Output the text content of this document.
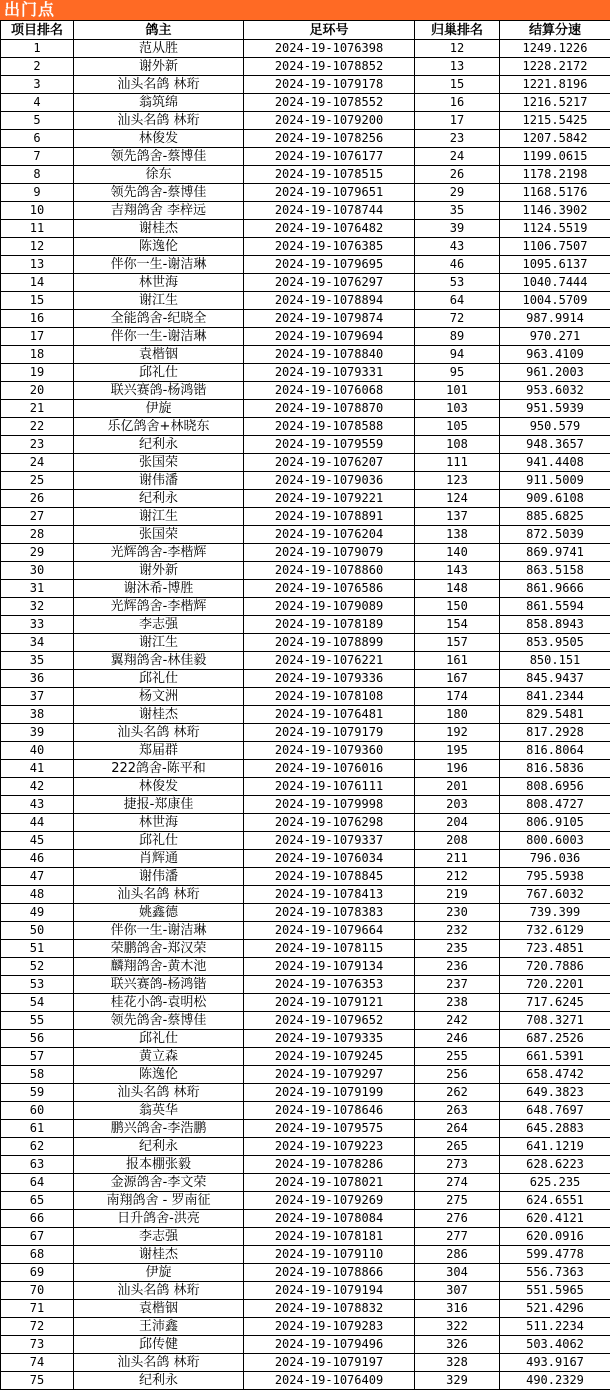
出门点
项目排名	鸽主	足环号	归巢排名	结算分速
1	范从胜	2024-19-1076398	12	1249.1226
2	谢外新	2024-19-1078852	13	1228.2172
3	汕头名鸽 林珩	2024-19-1079178	15	1221.8196
4	翁筑绵	2024-19-1078552	16	1216.5217
5	汕头名鸽 林珩	2024-19-1079200	17	1215.5425
6	林俊发	2024-19-1078256	23	1207.5842
7	领先鸽舍-蔡博佳	2024-19-1076177	24	1199.0615
8	徐东	2024-19-1078515	26	1178.2198
9	领先鸽舍-蔡博佳	2024-19-1079651	29	1168.5176
10	吉翔鸽舍 李梓远	2024-19-1078744	35	1146.3902
11	谢桂杰	2024-19-1076482	39	1124.5519
12	陈逸伦	2024-19-1076385	43	1106.7507
13	伴你一生-谢洁琳	2024-19-1079695	46	1095.6137
14	林世海	2024-19-1076297	53	1040.7444
15	谢江生	2024-19-1078894	64	1004.5709
16	全能鸽舍-纪晓全	2024-19-1079874	72	987.9914
17	伴你一生-谢洁琳	2024-19-1079694	89	970.271
18	袁楷铟	2024-19-1078840	94	963.4109
19	邱礼仕	2024-19-1079331	95	961.2003
20	联兴赛鸽-杨鸿锴	2024-19-1076068	101	953.6032
21	伊旋	2024-19-1078870	103	951.5939
22	乐亿鸽舍+林晓东	2024-19-1078588	105	950.579
23	纪利永	2024-19-1079559	108	948.3657
24	张国荣	2024-19-1076207	111	941.4408
25	谢伟潘	2024-19-1079036	123	911.5009
26	纪利永	2024-19-1079221	124	909.6108
27	谢江生	2024-19-1078891	137	885.6825
28	张国荣	2024-19-1076204	138	872.5039
29	光辉鸽舍-李楷辉	2024-19-1079079	140	869.9741
30	谢外新	2024-19-1078860	143	863.5158
31	谢沐希-博胜	2024-19-1076586	148	861.9666
32	光辉鸽舍-李楷辉	2024-19-1079089	150	861.5594
33	李志强	2024-19-1078189	154	858.8943
34	谢江生	2024-19-1078899	157	853.9505
35	翼翔鸽舍-林佳毅	2024-19-1076221	161	850.151
36	邱礼仕	2024-19-1079336	167	845.9437
37	杨文洲	2024-19-1078108	174	841.2344
38	谢桂杰	2024-19-1076481	180	829.5481
39	汕头名鸽 林珩	2024-19-1079179	192	817.2928
40	郑届群	2024-19-1079360	195	816.8064
41	222鸽舍-陈平和	2024-19-1076016	196	816.5836
42	林俊发	2024-19-1076111	201	808.6956
43	捷报-郑康佳	2024-19-1079998	203	808.4727
44	林世海	2024-19-1076298	204	806.9105
45	邱礼仕	2024-19-1079337	208	800.6003
46	肖辉通	2024-19-1076034	211	796.036
47	谢伟潘	2024-19-1078845	212	795.5938
48	汕头名鸽 林珩	2024-19-1078413	219	767.6032
49	姚鑫德	2024-19-1078383	230	739.399
50	伴你一生-谢洁琳	2024-19-1079664	232	732.6129
51	荣鹏鸽舍-郑汉荣	2024-19-1078115	235	723.4851
52	麟翔鸽舍-黄木池	2024-19-1079134	236	720.7886
53	联兴赛鸽-杨鸿锴	2024-19-1076353	237	720.2201
54	桂花小鸽-袁明松	2024-19-1079121	238	717.6245
55	领先鸽舍-蔡博佳	2024-19-1079652	242	708.3271
56	邱礼仕	2024-19-1079335	246	687.2526
57	黄立森	2024-19-1079245	255	661.5391
58	陈逸伦	2024-19-1079297	256	658.4742
59	汕头名鸽 林珩	2024-19-1079199	262	649.3823
60	翁英华	2024-19-1078646	263	648.7697
61	鹏兴鸽舍-李浩鹏	2024-19-1079575	264	645.2883
62	纪利永	2024-19-1079223	265	641.1219
63	报本棚张毅	2024-19-1078286	273	628.6223
64	金源鸽舍-李文荣	2024-19-1078021	274	625.235
65	南翔鸽舍 - 罗南征	2024-19-1079269	275	624.6551
66	日升鸽舍-洪亮	2024-19-1078084	276	620.4121
67	李志强	2024-19-1078181	277	620.0916
68	谢桂杰	2024-19-1079110	286	599.4778
69	伊旋	2024-19-1078866	304	556.7363
70	汕头名鸽 林珩	2024-19-1079194	307	551.5965
71	袁楷铟	2024-19-1078832	316	521.4296
72	王沛鑫	2024-19-1079283	322	511.2234
73	邱传健	2024-19-1079496	326	503.4062
74	汕头名鸽 林珩	2024-19-1079197	328	493.9167
75	纪利永	2024-19-1076409	329	490.2329
